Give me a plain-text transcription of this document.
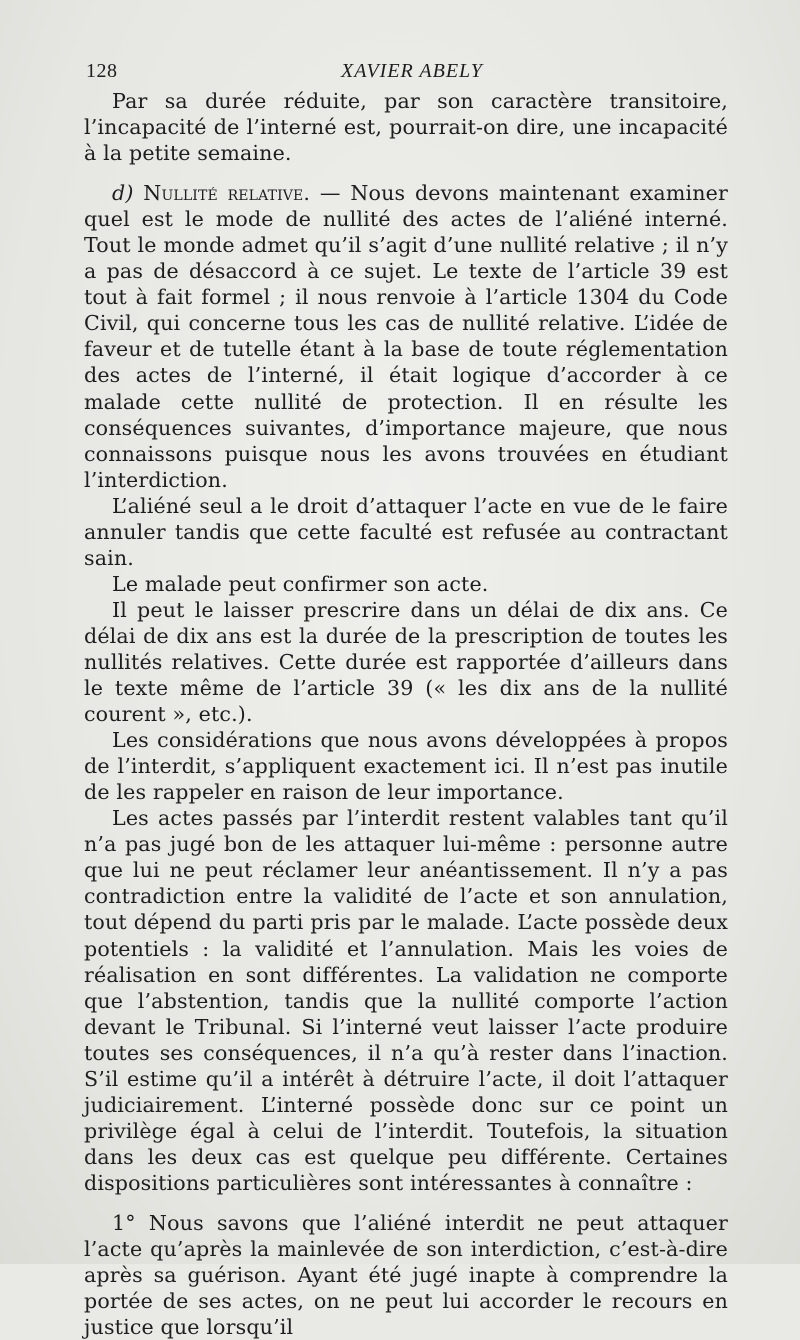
128	XAVIER ABELY

Par sa durée réduite, par son caractère transitoire, l’incapacité de l’interné est, pourrait-on dire, une incapacité à la petite semaine.

d) Nullité relative. — Nous devons maintenant examiner quel est le mode de nullité des actes de l’aliéné interné. Tout le monde admet qu’il s’agit d’une nullité relative ; il n’y a pas de désaccord à ce sujet. Le texte de l’article 39 est tout à fait formel ; il nous renvoie à l’article 1304 du Code Civil, qui concerne tous les cas de nullité relative. L’idée de faveur et de tutelle étant à la base de toute réglementation des actes de l’interné, il était logique d’accorder à ce malade cette nullité de protection. Il en résulte les conséquences suivantes, d’importance majeure, que nous connaissons puisque nous les avons trouvées en étudiant l’interdiction.

L’aliéné seul a le droit d’attaquer l’acte en vue de le faire annuler tandis que cette faculté est refusée au contractant sain.

Le malade peut confirmer son acte.

Il peut le laisser prescrire dans un délai de dix ans. Ce délai de dix ans est la durée de la prescription de toutes les nullités relatives. Cette durée est rapportée d’ailleurs dans le texte même de l’article 39 (« les dix ans de la nullité courent », etc.).

Les considérations que nous avons développées à propos de l’interdit, s’appliquent exactement ici. Il n’est pas inutile de les rappeler en raison de leur importance.

Les actes passés par l’interdit restent valables tant qu’il n’a pas jugé bon de les attaquer lui-même : personne autre que lui ne peut réclamer leur anéantissement. Il n’y a pas contradiction entre la validité de l’acte et son annulation, tout dépend du parti pris par le malade. L’acte possède deux potentiels : la validité et l’annulation. Mais les voies de réalisation en sont différentes. La validation ne comporte que l’abstention, tandis que la nullité comporte l’action devant le Tribunal. Si l’interné veut laisser l’acte produire toutes ses conséquences, il n’a qu’à rester dans l’inaction. S’il estime qu’il a intérêt à détruire l’acte, il doit l’attaquer judiciairement. L’interné possède donc sur ce point un privilège égal à celui de l’interdit. Toutefois, la situation dans les deux cas est quelque peu différente. Certaines dispositions particulières sont intéressantes à connaître :

1° Nous savons que l’aliéné interdit ne peut attaquer l’acte qu’après la mainlevée de son interdiction, c’est-à-dire après sa guérison. Ayant été jugé inapte à comprendre la portée de ses actes, on ne peut lui accorder le recours en justice que lorsqu’il
